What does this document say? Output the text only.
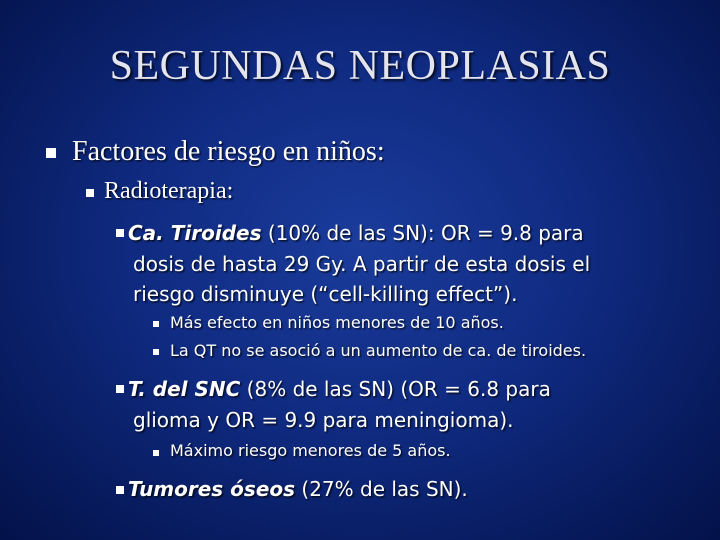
SEGUNDAS NEOPLASIAS
Factores de riesgo en niños:
Radioterapia:
Ca. Tiroides (10% de las SN): OR = 9.8 para
dosis de hasta 29 Gy. A partir de esta dosis el
riesgo disminuye (“cell-killing effect”).
Más efecto en niños menores de 10 años.
La QT no se asoció a un aumento de ca. de tiroides.
T. del SNC (8% de las SN) (OR = 6.8 para
glioma y OR = 9.9 para meningioma).
Máximo riesgo menores de 5 años.
Tumores óseos (27% de las SN).
